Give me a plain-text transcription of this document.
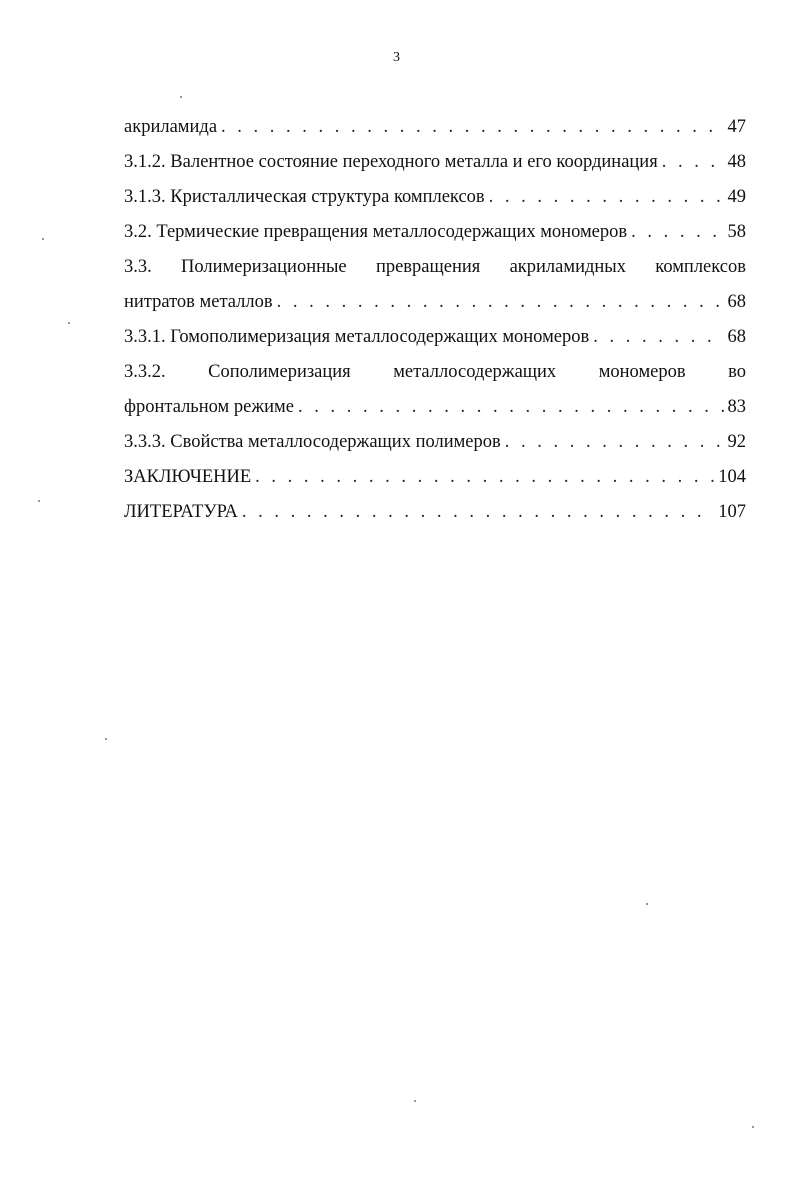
3
акриламида . . .	47
3.1.2. Валентное состояние переходного металла и его координация . . .	48
3.1.3. Кристаллическая структура комплексов . . .	49
3.2. Термические превращения металлосодержащих мономеров . . .	58
3.3. Полимеризационные превращения акриламидных комплексов
нитратов металлов . . .	68
3.3.1. Гомополимеризация металлосодержащих мономеров . . .	68
3.3.2. Сополимеризация металлосодержащих мономеров во
фронтальном режиме . . .	83
3.3.3. Свойства металлосодержащих полимеров . . .	92
ЗАКЛЮЧЕНИЕ . . .	104
ЛИТЕРАТУРА . . .	107
